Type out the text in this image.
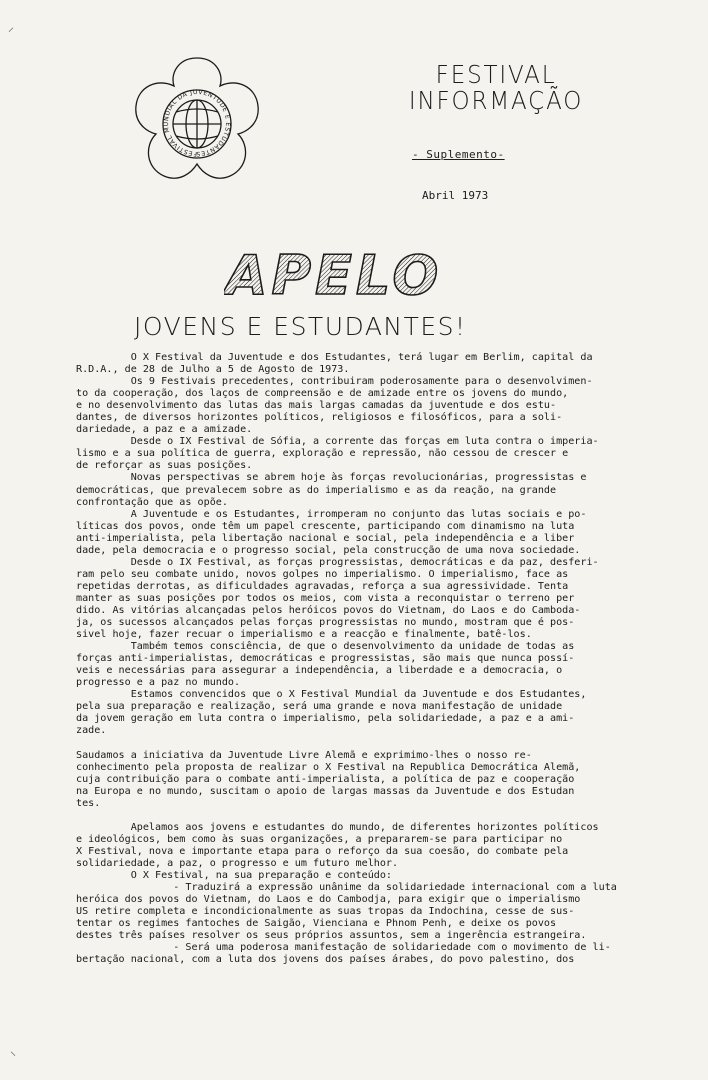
FESTIVAL MUNDIAL DA JUVENTUDE E ESTUDANTES
FESTIVAL
INFORMAÇÃO
- Suplemento-
Abril 1973
APELO
JOVENS E ESTUDANTES!

O X Festival da Juventude e dos Estudantes, terá lugar em Berlim, capital da

R.D.A., de 28 de Julho a 5 de Agosto de 1973.

Os 9 Festivais precedentes, contribuiram poderosamente para o desenvolvimen-

to da cooperação, dos laços de compreensão e de amizade entre os jovens do mundo,

e no desenvolvimento das lutas das mais largas camadas da juventude e dos estu-

dantes, de diversos horizontes políticos, religiosos e filosóficos, para a soli-

dariedade, a paz e a amizade.

Desde o IX Festival de Sófia, a corrente das forças em luta contra o imperia-

lismo e a sua política de guerra, exploração e repressão, não cessou de crescer e

de reforçar as suas posições.

Novas perspectivas se abrem hoje às forças revolucionárias, progressistas e

democráticas, que prevalecem sobre as do imperialismo e as da reação, na grande

confrontação que as opõe.

A Juventude e os Estudantes, irromperam no conjunto das lutas sociais e po-

líticas dos povos, onde têm um papel crescente, participando com dinamismo na luta

anti-imperialista, pela libertação nacional e social, pela independência e a liber

dade, pela democracia e o progresso social, pela construcção de uma nova sociedade.

Desde o IX Festival, as forças progressistas, democráticas e da paz, desferi-

ram pelo seu combate unido, novos golpes no imperialismo. O imperialismo, face as

repetidas derrotas, as dificuldades agravadas, reforça a sua agressividade. Tenta

manter as suas posições por todos os meios, com vista a reconquistar o terreno per

dido. As vitórias alcançadas pelos heróicos povos do Vietnam, do Laos e do Camboda-

ja, os sucessos alcançados pelas forças progressistas no mundo, mostram que é pos-

sivel hoje, fazer recuar o imperialismo e a reacção e finalmente, batê-los.

Também temos consciência, de que o desenvolvimento da unidade de todas as

forças anti-imperialistas, democráticas e progressistas, são mais que nunca possí-

veis e necessárias para assegurar a independência, a liberdade e a democracia, o

progresso e a paz no mundo.

Estamos convencidos que o X Festival Mundial da Juventude e dos Estudantes,

pela sua preparação e realização, será uma grande e nova manifestação de unidade

da jovem geração em luta contra o imperialismo, pela solidariedade, a paz e a ami-

zade.

Saudamos a iniciativa da Juventude Livre Alemã e exprimimo-lhes o nosso re-

conhecimento pela proposta de realizar o X Festival na Republica Democrática Alemã,

cuja contribuição para o combate anti-imperialista, a política de paz e cooperação

na Europa e no mundo, suscitam o apoio de largas massas da Juventude e dos Estudan

tes.

Apelamos aos jovens e estudantes do mundo, de diferentes horizontes políticos

e ideológicos, bem como às suas organizações, a prepararem-se para participar no

X Festival, nova e importante etapa para o reforço da sua coesão, do combate pela

solidariedade, a paz, o progresso e um futuro melhor.

O X Festival, na sua preparação e conteúdo:

- Traduzirá a expressão unânime da solidariedade internacional com a luta

heróica dos povos do Vietnam, do Laos e do Cambodja, para exigir que o imperialismo

US retire completa e incondicionalmente as suas tropas da Indochina, cesse de sus-

tentar os regimes fantoches de Saigão, Vienciana e Phnom Penh, e deixe os povos

destes três países resolver os seus próprios assuntos, sem a ingerência estrangeira.

- Será uma poderosa manifestação de solidariedade com o movimento de li-

bertação nacional, com a luta dos jovens dos países árabes, do povo palestino, dos

⸝
⸜
